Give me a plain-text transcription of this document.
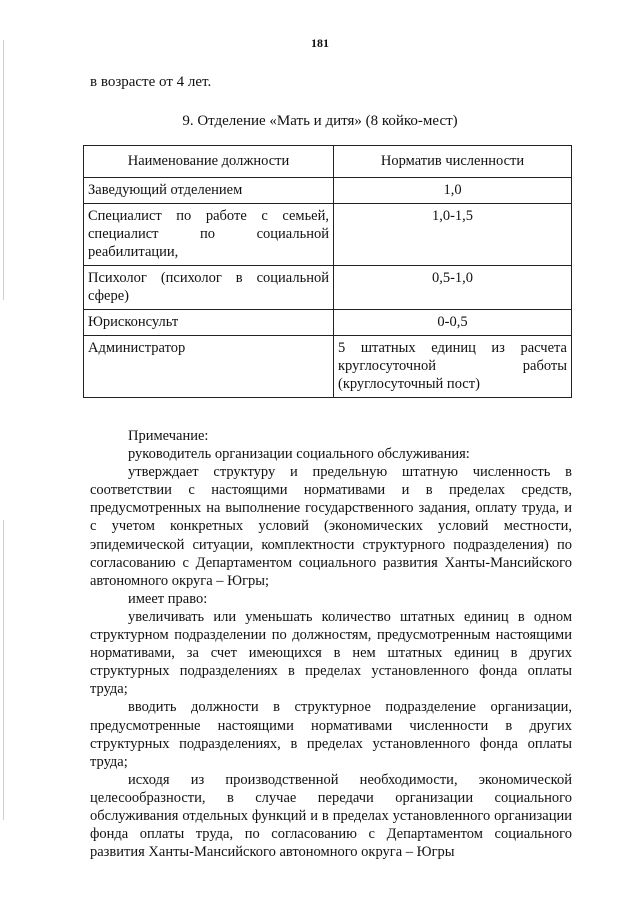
181
в возрасте от 4 лет.
9. Отделение «Мать и дитя» (8 койко-мест)
Наименование должности	Норматив численности
Заведующий отделением	1,0
Специалист по работе с семьей, специалист по социальной реабилитации,	1,0-1,5
Психолог (психолог в социальной сфере)	0,5-1,0
Юрисконсульт	0-0,5
Администратор	5 штатных единиц из расчета круглосуточной работы (круглосуточный пост)

Примечание:

руководитель организации социального обслуживания:

утверждает структуру и предельную штатную численность в соответствии с настоящими нормативами и в пределах средств, предусмотренных на выполнение государственного задания, оплату труда, и с учетом конкретных условий (экономических условий местности, эпидемической ситуации, комплектности структурного подразделения) по согласованию с Департаментом социального развития Ханты-Мансийского автономного округа – Югры;

имеет право:

увеличивать или уменьшать количество штатных единиц в одном структурном подразделении по должностям, предусмотренным настоящими нормативами, за счет имеющихся в нем штатных единиц в других структурных подразделениях в пределах установленного фонда оплаты труда;

вводить должности в структурное подразделение организации, предусмотренные настоящими нормативами численности в других структурных подразделениях, в пределах установленного фонда оплаты труда;

исходя из производственной необходимости, экономической целесообразности, в случае передачи организации социального обслуживания отдельных функций и в пределах установленного организации фонда оплаты труда, по согласованию с Департаментом социального развития Ханты-Мансийского автономного округа – Югры
